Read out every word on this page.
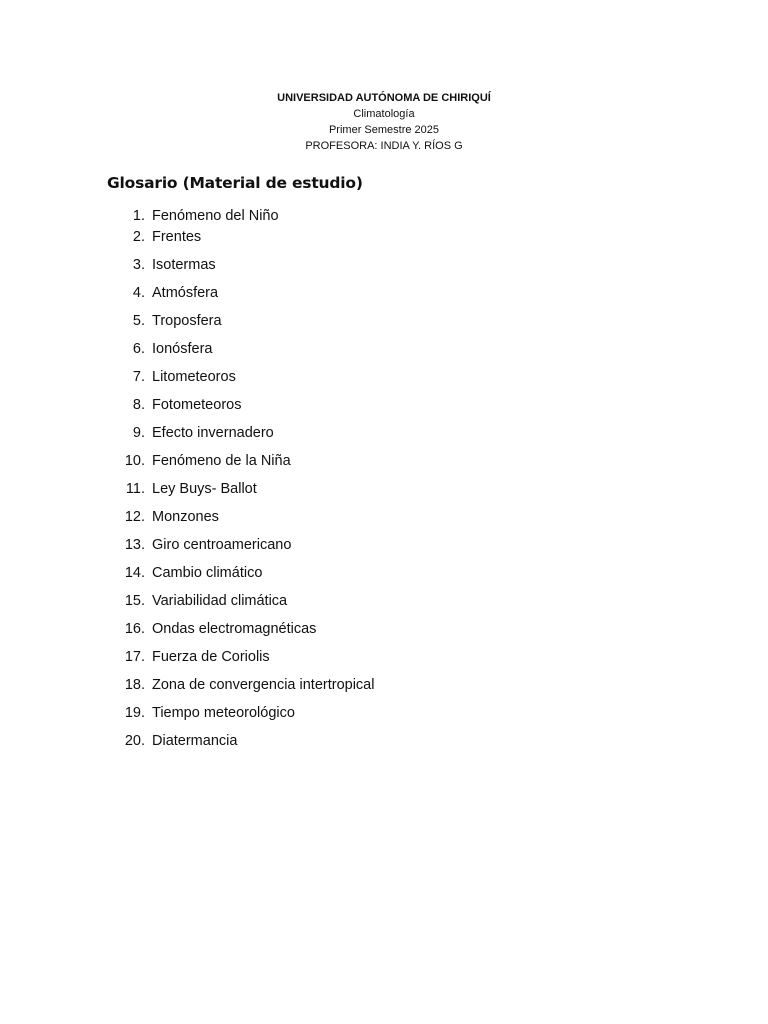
UNIVERSIDAD AUTÓNOMA DE CHIRIQUÍ
Climatología
Primer Semestre 2025
PROFESORA: INDIA Y. RÍOS G
Glosario (Material de estudio)
1. Fenómeno del Niño
2. Frentes
3. Isotermas
4. Atmósfera
5. Troposfera
6. Ionósfera
7. Litometeoros
8. Fotometeoros
9. Efecto invernadero
10. Fenómeno de la Niña
11. Ley Buys- Ballot
12. Monzones
13. Giro centroamericano
14. Cambio climático
15. Variabilidad climática
16. Ondas electromagnéticas
17. Fuerza de Coriolis
18. Zona de convergencia intertropical
19. Tiempo meteorológico
20. Diatermancia
